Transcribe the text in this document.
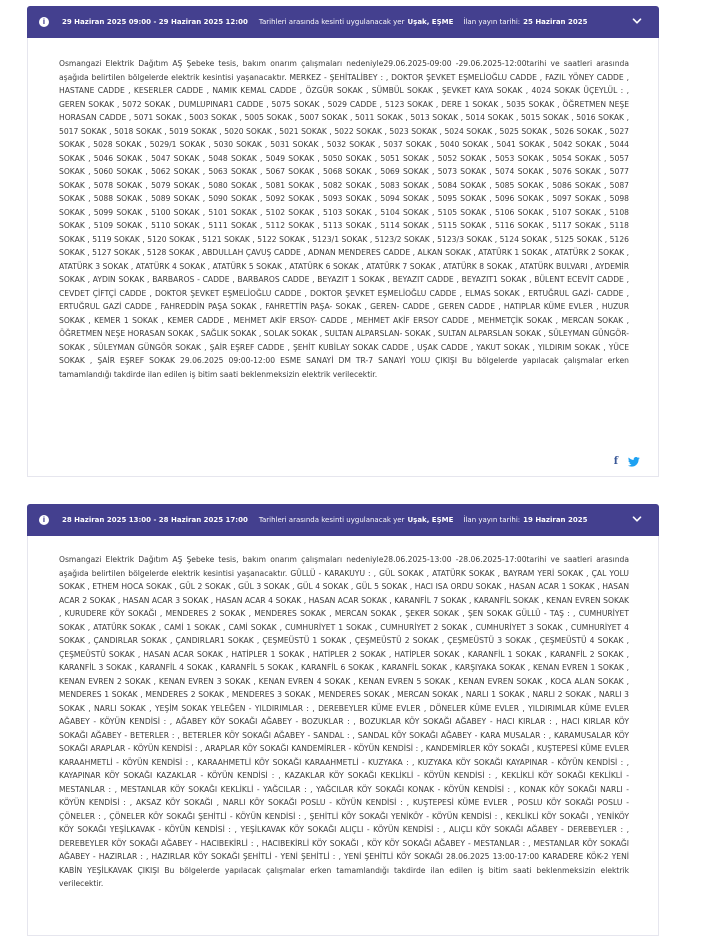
i	29 Haziran 2025 09:00 - 29 Haziran 2025 12:00 Tarihleri arasında kesinti uygulanacak yer Uşak, EŞME İlan yayın tarihi: 25 Haziran 2025

Osmangazi Elektrik Dağıtım AŞ Şebeke tesis, bakım onarım çalışmaları nedeniyle29.06.2025-09:00 -29.06.2025-12:00tarihi ve saatleri arasında aşağıda belirtilen bölgelerde elektrik kesintisi yaşanacaktır. MERKEZ - ŞEHİTALİBEY : , DOKTOR ŞEVKET EŞMELİOĞLU CADDE , FAZIL YÖNEY CADDE , HASTANE CADDE , KESERLER CADDE , NAMIK KEMAL CADDE , ÖZGÜR SOKAK , SÜMBÜL SOKAK , ŞEVKET KAYA SOKAK , 4024 SOKAK ÜÇEYLÜL : , GEREN SOKAK , 5072 SOKAK , DUMLUPINAR1 CADDE , 5075 SOKAK , 5029 CADDE , 5123 SOKAK , DERE 1 SOKAK , 5035 SOKAK , ÖĞRETMEN NEŞE HORASAN CADDE , 5071 SOKAK , 5003 SOKAK , 5005 SOKAK , 5007 SOKAK , 5011 SOKAK , 5013 SOKAK , 5014 SOKAK , 5015 SOKAK , 5016 SOKAK , 5017 SOKAK , 5018 SOKAK , 5019 SOKAK , 5020 SOKAK , 5021 SOKAK , 5022 SOKAK , 5023 SOKAK , 5024 SOKAK , 5025 SOKAK , 5026 SOKAK , 5027 SOKAK , 5028 SOKAK , 5029/1 SOKAK , 5030 SOKAK , 5031 SOKAK , 5032 SOKAK , 5037 SOKAK , 5040 SOKAK , 5041 SOKAK , 5042 SOKAK , 5044 SOKAK , 5046 SOKAK , 5047 SOKAK , 5048 SOKAK , 5049 SOKAK , 5050 SOKAK , 5051 SOKAK , 5052 SOKAK , 5053 SOKAK , 5054 SOKAK , 5057 SOKAK , 5060 SOKAK , 5062 SOKAK , 5063 SOKAK , 5067 SOKAK , 5068 SOKAK , 5069 SOKAK , 5073 SOKAK , 5074 SOKAK , 5076 SOKAK , 5077 SOKAK , 5078 SOKAK , 5079 SOKAK , 5080 SOKAK , 5081 SOKAK , 5082 SOKAK , 5083 SOKAK , 5084 SOKAK , 5085 SOKAK , 5086 SOKAK , 5087 SOKAK , 5088 SOKAK , 5089 SOKAK , 5090 SOKAK , 5092 SOKAK , 5093 SOKAK , 5094 SOKAK , 5095 SOKAK , 5096 SOKAK , 5097 SOKAK , 5098 SOKAK , 5099 SOKAK , 5100 SOKAK , 5101 SOKAK , 5102 SOKAK , 5103 SOKAK , 5104 SOKAK , 5105 SOKAK , 5106 SOKAK , 5107 SOKAK , 5108 SOKAK , 5109 SOKAK , 5110 SOKAK , 5111 SOKAK , 5112 SOKAK , 5113 SOKAK , 5114 SOKAK , 5115 SOKAK , 5116 SOKAK , 5117 SOKAK , 5118 SOKAK , 5119 SOKAK , 5120 SOKAK , 5121 SOKAK , 5122 SOKAK , 5123/1 SOKAK , 5123/2 SOKAK , 5123/3 SOKAK , 5124 SOKAK , 5125 SOKAK , 5126 SOKAK , 5127 SOKAK , 5128 SOKAK , ABDULLAH ÇAVUŞ CADDE , ADNAN MENDERES CADDE , ALKAN SOKAK , ATATÜRK 1 SOKAK , ATATÜRK 2 SOKAK , ATATÜRK 3 SOKAK , ATATÜRK 4 SOKAK , ATATÜRK 5 SOKAK , ATATÜRK 6 SOKAK , ATATÜRK 7 SOKAK , ATATÜRK 8 SOKAK , ATATÜRK BULVARI , AYDEMİR SOKAK , AYDIN SOKAK , BARBAROS - CADDE , BARBAROS CADDE , BEYAZIT 1 SOKAK , BEYAZIT CADDE , BEYAZIT1 SOKAK , BÜLENT ECEVİT CADDE , CEVDET ÇİFTÇİ CADDE , DOKTOR ŞEVKET EŞMELİOĞLU CADDE , DOKTOR ŞEVKET EŞMELİOĞLU CADDE , ELMAS SOKAK , ERTUĞRUL GAZİ- CADDE , ERTUĞRUL GAZİ CADDE , FAHREDDİN PAŞA SOKAK , FAHRETTİN PAŞA- SOKAK , GEREN- CADDE , GEREN CADDE , HATIPLAR KÜME EVLER , HUZUR SOKAK , KEMER 1 SOKAK , KEMER CADDE , MEHMET AKİF ERSOY- CADDE , MEHMET AKİF ERSOY CADDE , MEHMETÇİK SOKAK , MERCAN SOKAK , ÖĞRETMEN NEŞE HORASAN SOKAK , SAĞLIK SOKAK , SOLAK SOKAK , SULTAN ALPARSLAN- SOKAK , SULTAN ALPARSLAN SOKAK , SÜLEYMAN GÜNGÖR- SOKAK , SÜLEYMAN GÜNGÖR SOKAK , ŞAİR EŞREF CADDE , ŞEHİT KUBİLAY SOKAK CADDE , UŞAK CADDE , YAKUT SOKAK , YILDIRIM SOKAK , YÜCE SOKAK , ŞAİR EŞREF SOKAK 29.06.2025 09:00-12:00 ESME SANAYİ DM TR-7 SANAYİ YOLU ÇIKIŞI Bu bölgelerde yapılacak çalışmalar erken tamamlandığı takdirde ilan edilen iş bitim saati beklenmeksizin elektrik verilecektir.

f
i	28 Haziran 2025 13:00 - 28 Haziran 2025 17:00 Tarihleri arasında kesinti uygulanacak yer Uşak, EŞME İlan yayın tarihi: 19 Haziran 2025

Osmangazi Elektrik Dağıtım AŞ Şebeke tesis, bakım onarım çalışmaları nedeniyle28.06.2025-13:00 -28.06.2025-17:00tarihi ve saatleri arasında aşağıda belirtilen bölgelerde elektrik kesintisi yaşanacaktır. GÜLLÜ - KARAKUYU : , GÜL SOKAK , ATATÜRK SOKAK , BAYRAM YERİ SOKAK , ÇAL YOLU SOKAK , ETHEM HOCA SOKAK , GÜL 2 SOKAK , GÜL 3 SOKAK , GÜL 4 SOKAK , GÜL 5 SOKAK , HACI ISA ORDU SOKAK , HASAN ACAR 1 SOKAK , HASAN ACAR 2 SOKAK , HASAN ACAR 3 SOKAK , HASAN ACAR 4 SOKAK , HASAN ACAR SOKAK , KARANFİL 7 SOKAK , KARANFİL SOKAK , KENAN EVREN SOKAK , KURUDERE KÖY SOKAĞI , MENDERES 2 SOKAK , MENDERES SOKAK , MERCAN SOKAK , ŞEKER SOKAK , ŞEN SOKAK GÜLLÜ - TAŞ : , CUMHURİYET SOKAK , ATATÜRK SOKAK , CAMİ 1 SOKAK , CAMİ SOKAK , CUMHURİYET 1 SOKAK , CUMHURİYET 2 SOKAK , CUMHURİYET 3 SOKAK , CUMHURİYET 4 SOKAK , ÇANDIRLAR SOKAK , ÇANDIRLAR1 SOKAK , ÇEŞMEÜSTÜ 1 SOKAK , ÇEŞMEÜSTÜ 2 SOKAK , ÇEŞMEÜSTÜ 3 SOKAK , ÇEŞMEÜSTÜ 4 SOKAK , ÇEŞMEÜSTÜ SOKAK , HASAN ACAR SOKAK , HATİPLER 1 SOKAK , HATİPLER 2 SOKAK , HATİPLER SOKAK , KARANFİL 1 SOKAK , KARANFİL 2 SOKAK , KARANFİL 3 SOKAK , KARANFİL 4 SOKAK , KARANFİL 5 SOKAK , KARANFİL 6 SOKAK , KARANFİL SOKAK , KARŞIYAKA SOKAK , KENAN EVREN 1 SOKAK , KENAN EVREN 2 SOKAK , KENAN EVREN 3 SOKAK , KENAN EVREN 4 SOKAK , KENAN EVREN 5 SOKAK , KENAN EVREN SOKAK , KOCA ALAN SOKAK , MENDERES 1 SOKAK , MENDERES 2 SOKAK , MENDERES 3 SOKAK , MENDERES SOKAK , MERCAN SOKAK , NARLI 1 SOKAK , NARLI 2 SOKAK , NARLI 3 SOKAK , NARLI SOKAK , YEŞİM SOKAK YELEĞEN - YILDIRIMLAR : , DEREBEYLER KÜME EVLER , DÖNELER KÜME EVLER , YILDIRIMLAR KÜME EVLER AĞABEY - KÖYÜN KENDİSİ : , AĞABEY KÖY SOKAĞI AĞABEY - BOZUKLAR : , BOZUKLAR KÖY SOKAĞI AĞABEY - HACI KIRLAR : , HACI KIRLAR KÖY SOKAĞI AĞABEY - BETERLER : , BETERLER KÖY SOKAĞI AĞABEY - SANDAL : , SANDAL KÖY SOKAĞI AĞABEY - KARA MUSALAR : , KARAMUSALAR KÖY SOKAĞI ARAPLAR - KÖYÜN KENDİSİ : , ARAPLAR KÖY SOKAĞI KANDEMİRLER - KÖYÜN KENDİSİ : , KANDEMİRLER KÖY SOKAĞI , KUŞTEPESİ KÜME EVLER KARAAHMETLİ - KÖYÜN KENDİSİ : , KARAAHMETLİ KÖY SOKAĞI KARAAHMETLİ - KUZYAKA : , KUZYAKA KÖY SOKAĞI KAYAPINAR - KÖYÜN KENDİSİ : , KAYAPINAR KÖY SOKAĞI KAZAKLAR - KÖYÜN KENDİSİ : , KAZAKLAR KÖY SOKAĞI KEKLİKLİ - KÖYÜN KENDİSİ : , KEKLİKLİ KÖY SOKAĞI KEKLİKLİ - MESTANLAR : , MESTANLAR KÖY SOKAĞI KEKLİKLİ - YAĞCILAR : , YAĞCILAR KÖY SOKAĞI KONAK - KÖYÜN KENDİSİ : , KONAK KÖY SOKAĞI NARLI - KÖYÜN KENDİSİ : , AKSAZ KÖY SOKAĞI , NARLI KÖY SOKAĞI POSLU - KÖYÜN KENDİSİ : , KUŞTEPESİ KÜME EVLER , POSLU KÖY SOKAĞI POSLU - ÇÖNELER : , ÇÖNELER KÖY SOKAĞI ŞEHİTLİ - KÖYÜN KENDİSİ : , ŞEHİTLİ KÖY SOKAĞI YENİKÖY - KÖYÜN KENDİSİ : , KEKLİKLİ KÖY SOKAĞI , YENİKÖY KÖY SOKAĞI YEŞİLKAVAK - KÖYÜN KENDİSİ : , YEŞİLKAVAK KÖY SOKAĞI ALIÇLI - KÖYÜN KENDİSİ : , ALIÇLI KÖY SOKAĞI AĞABEY - DEREBEYLER : , DEREBEYLER KÖY SOKAĞI AĞABEY - HACIBEKİRLİ : , HACIBEKİRLİ KÖY SOKAĞI , KÖY KÖY SOKAĞI AĞABEY - MESTANLAR : , MESTANLAR KÖY SOKAĞI AĞABEY - HAZIRLAR : , HAZIRLAR KÖY SOKAĞI ŞEHİTLİ - YENİ ŞEHİTLİ : , YENİ ŞEHİTLİ KÖY SOKAĞI 28.06.2025 13:00-17:00 KARADERE KÖK-2 YENİ KABİN YEŞİLKAVAK ÇIKIŞI Bu bölgelerde yapılacak çalışmalar erken tamamlandığı takdirde ilan edilen iş bitim saati beklenmeksizin elektrik verilecektir.
